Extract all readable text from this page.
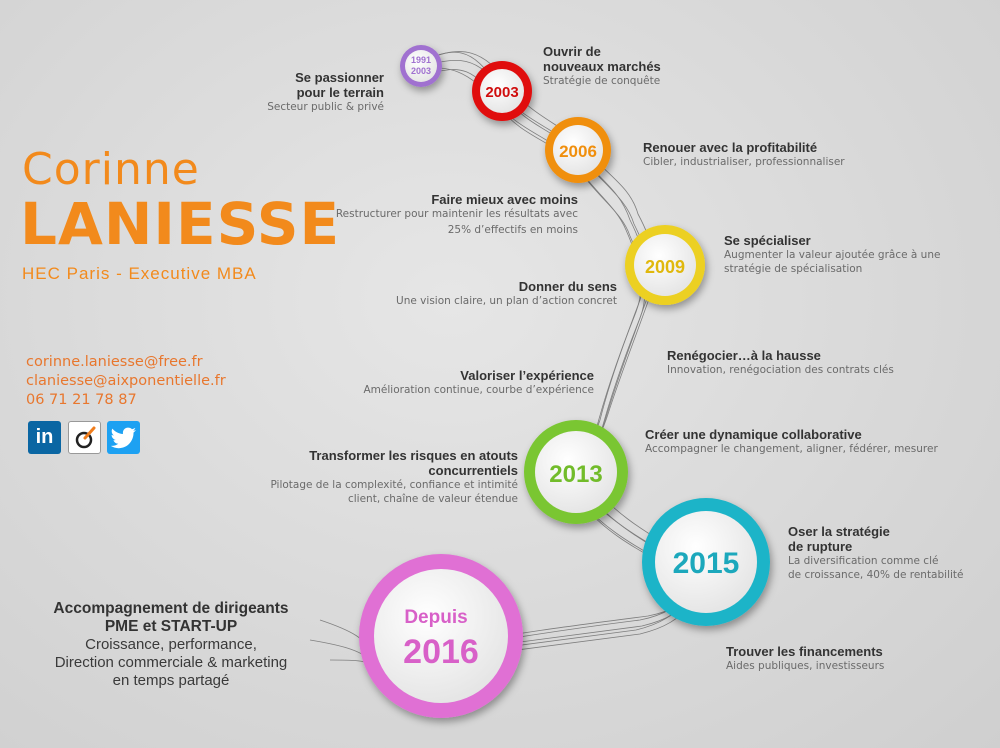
1991
2003
2003
2006
2009
2013
2015
Depuis
2016
Corinne
LANIESSE
HEC Paris - Executive MBA
corinne.laniesse@free.fr
claniesse@aixponentielle.fr
06 71 21 78 87
in
Se passionner
pour le terrain
Secteur public & privé
Ouvrir de
nouveaux marchés
Stratégie de conquête
Renouer avec la profitabilité
Cibler, industrialiser, professionnaliser
Faire mieux avec moins
Restructurer pour maintenir les résultats avec
25% d’effectifs en moins
Se spécialiser
Augmenter la valeur ajoutée grâce à une
stratégie de spécialisation
Donner du sens
Une vision claire, un plan d’action concret
Renégocier…à la hausse
Innovation, renégociation des contrats clés
Valoriser l’expérience
Amélioration continue, courbe d’expérience
Créer une dynamique collaborative
Accompagner le changement, aligner, fédérer, mesurer
Transformer les risques en atouts
concurrentiels
Pilotage de la complexité, confiance et intimité
client, chaîne de valeur étendue
Oser la stratégie
de rupture
La diversification comme clé
de croissance, 40% de rentabilité
Trouver les financements
Aides publiques, investisseurs
Accompagnement de dirigeants
PME et START-UP
Croissance, performance,
Direction commerciale & marketing
en temps partagé
